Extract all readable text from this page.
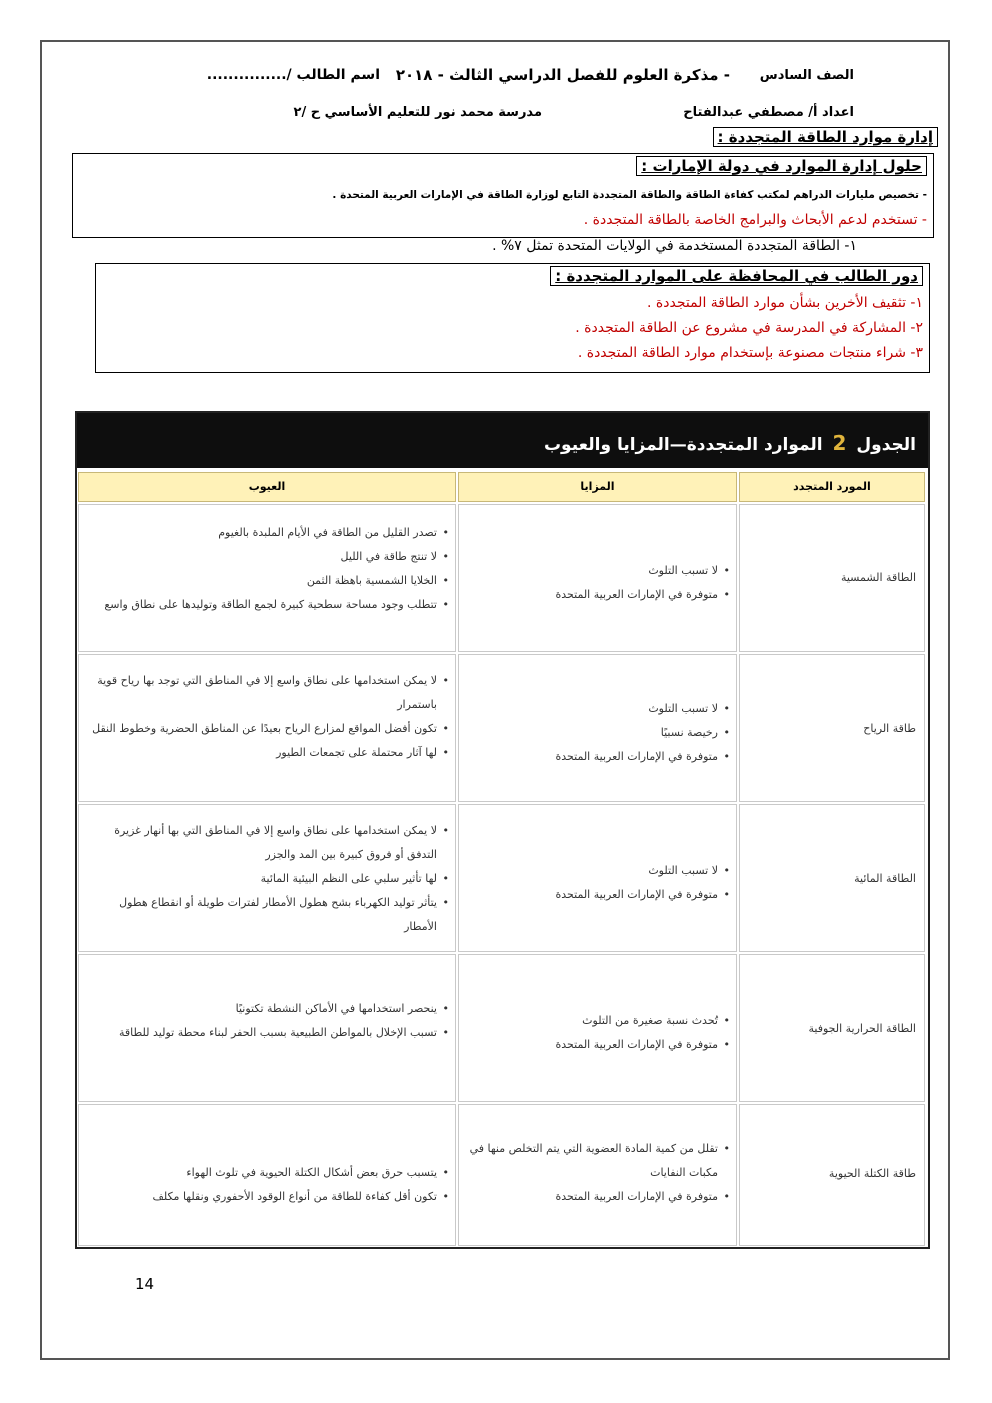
الصف السادس
- مذكرة العلوم للفصل الدراسي الثالث - ٢٠١٨
اسم الطالب /...............
اعداد أ/ مصطفي عبدالفتاح
مدرسة محمد نور للتعليم الأساسي ح /٢
إدارة موارد الطاقة المتجددة :
حلول إدارة الموارد في دولة الإمارات :
- تخصيص مليارات الدراهم لمكتب كفاءة الطاقة والطاقة المتجددة التابع لوزارة الطاقة في الإمارات العربية المتحدة .
- تستخدم لدعم الأبحاث والبرامج الخاصة بالطاقة المتجددة .
١- الطاقة المتجددة المستخدمة في الولايات المتحدة تمثل ٧% .
دور الطالب في المحافظة على الموارد المتجددة :
١- تثقيف الأخرين بشأن موارد الطاقة المتجددة .
٢- المشاركة في المدرسة في مشروع عن الطاقة المتجددة .
٣- شراء منتجات مصنوعة بإستخدام موارد الطاقة المتجددة .
الجدول 2 الموارد المتجددة—المزايا والعيوب
المورد المتجدد
المزايا
العيوب
الطاقة الشمسية
• لا تسبب التلوث
• متوفرة في الإمارات العربية المتحدة
• تصدر القليل من الطاقة في الأيام الملبدة بالغيوم
• لا تنتج طاقة في الليل
• الخلايا الشمسية باهظة الثمن
• تتطلب وجود مساحة سطحية كبيرة لجمع الطاقة وتوليدها على نطاق واسع
طاقة الرياح
• لا تسبب التلوث
• رخيصة نسبيًا
• متوفرة في الإمارات العربية المتحدة
• لا يمكن استخدامها على نطاق واسع إلا في المناطق التي توجد بها رياح قوية باستمرار
• تكون أفضل المواقع لمزارع الرياح بعيدًا عن المناطق الحضرية وخطوط النقل
• لها آثار محتملة على تجمعات الطيور
الطاقة المائية
• لا تسبب التلوث
• متوفرة في الإمارات العربية المتحدة
• لا يمكن استخدامها على نطاق واسع إلا في المناطق التي بها أنهار غزيرة التدفق أو فروق كبيرة بين المد والجزر
• لها تأثير سلبي على النظم البيئية المائية
• يتأثر توليد الكهرباء بشح هطول الأمطار لفترات طويلة أو انقطاع هطول الأمطار
الطاقة الحرارية الجوفية
• تُحدث نسبة صغيرة من التلوث
• متوفرة في الإمارات العربية المتحدة
• ينحصر استخدامها في الأماكن النشطة تكتونيًا
• تسبب الإخلال بالمواطن الطبيعية بسبب الحفر لبناء محطة توليد للطاقة
طاقة الكتلة الحيوية
• تقلل من كمية المادة العضوية التي يتم التخلص منها في مكبات النفايات
• متوفرة في الإمارات العربية المتحدة
• يتسبب حرق بعض أشكال الكتلة الحيوية في تلوث الهواء
• تكون أقل كفاءة للطاقة من أنواع الوقود الأحفوري ونقلها مكلف
14
